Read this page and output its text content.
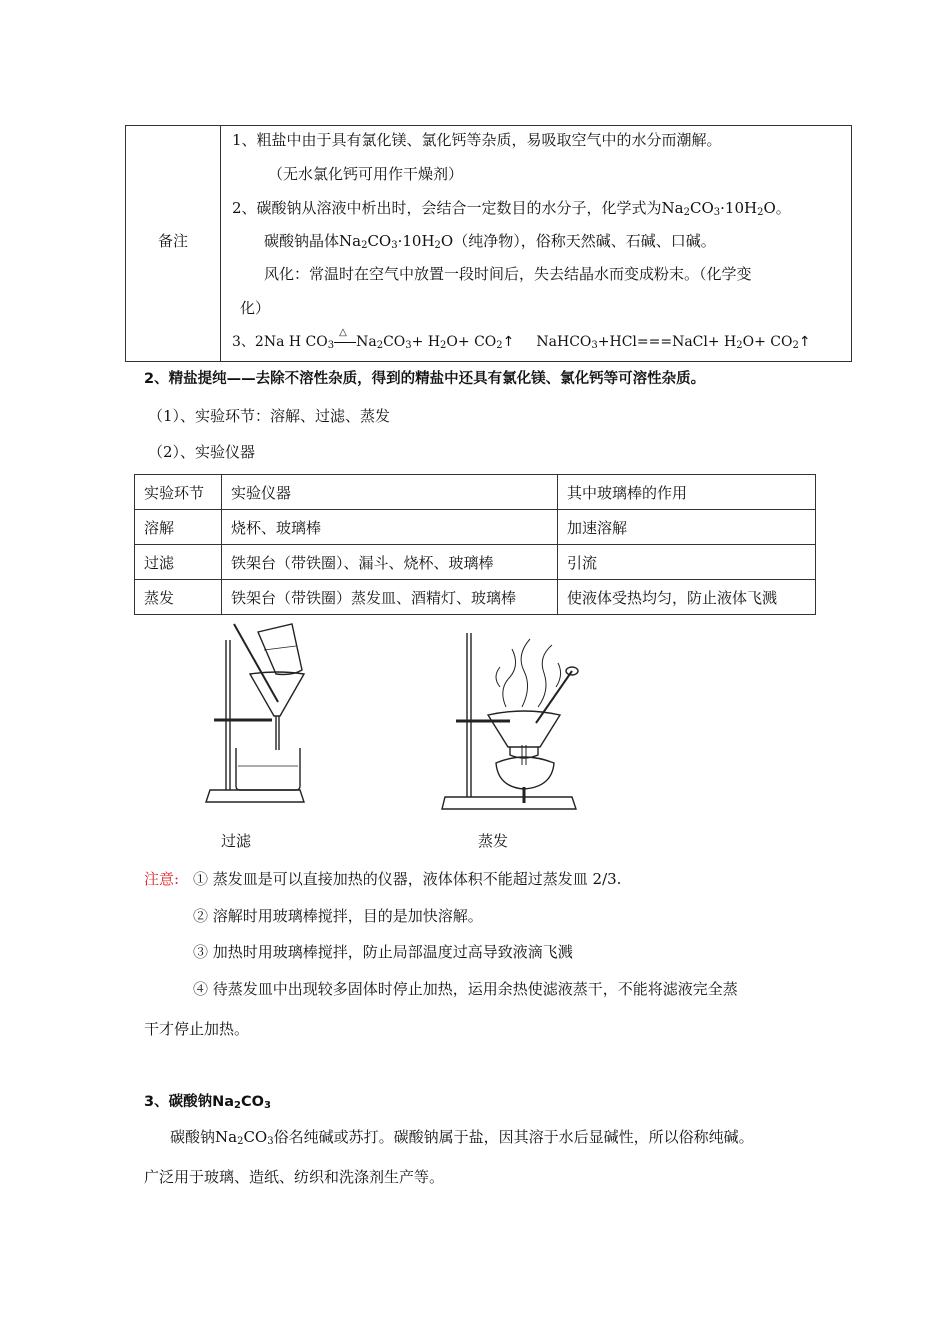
备注
1、粗盐中由于具有氯化镁、氯化钙等杂质，易吸取空气中的水分而潮解。
（无水氯化钙可用作干燥剂）
2、碳酸钠从溶液中析出时，会结合一定数目的水分子，化学式为$Na_2CO_3\cdot 10H_2O$。
碳酸钠晶体$Na_2CO_3\cdot 10H_2O$（纯净物），俗称天然碱、石碱、口碱。
风化：常温时在空气中放置一段时间后，失去结晶水而变成粉末。（化学变
化）
3、2Na H $CO_3$
△
$Na_2CO_3+ H_2O+$ $CO_2↑$ NaHCO$_3$+HCl===NaCl+ $H_2O+$ $CO_2↑$
2、精盐提纯——去除不溶性杂质，得到的精盐中还具有氯化镁、氯化钙等可溶性杂质。
（1）、实验环节：溶解、过滤、蒸发
（2）、实验仪器
实验环节	实验仪器	其中玻璃棒的作用
溶解	烧杯、玻璃棒	加速溶解
过滤	铁架台（带铁圈）、漏斗、烧杯、玻璃棒	引流
蒸发	铁架台（带铁圈）蒸发皿、酒精灯、玻璃棒	使液体受热均匀，防止液体飞溅
过滤	蒸发
注意: ① 蒸发皿是可以直接加热的仪器，液体体积不能超过蒸发皿 2/3.
② 溶解时用玻璃棒搅拌，目的是加快溶解。
③ 加热时用玻璃棒搅拌，防止局部温度过高导致液滴飞溅
④ 待蒸发皿中出现较多固体时停止加热，运用余热使滤液蒸干，不能将滤液完全蒸
干才停止加热。
3、碳酸钠$Na_2CO_3$
碳酸钠$Na_2CO_3$俗名纯碱或苏打。碳酸钠属于盐，因其溶于水后显碱性，所以俗称纯碱。
广泛用于玻璃、造纸、纺织和洗涤剂生产等。
